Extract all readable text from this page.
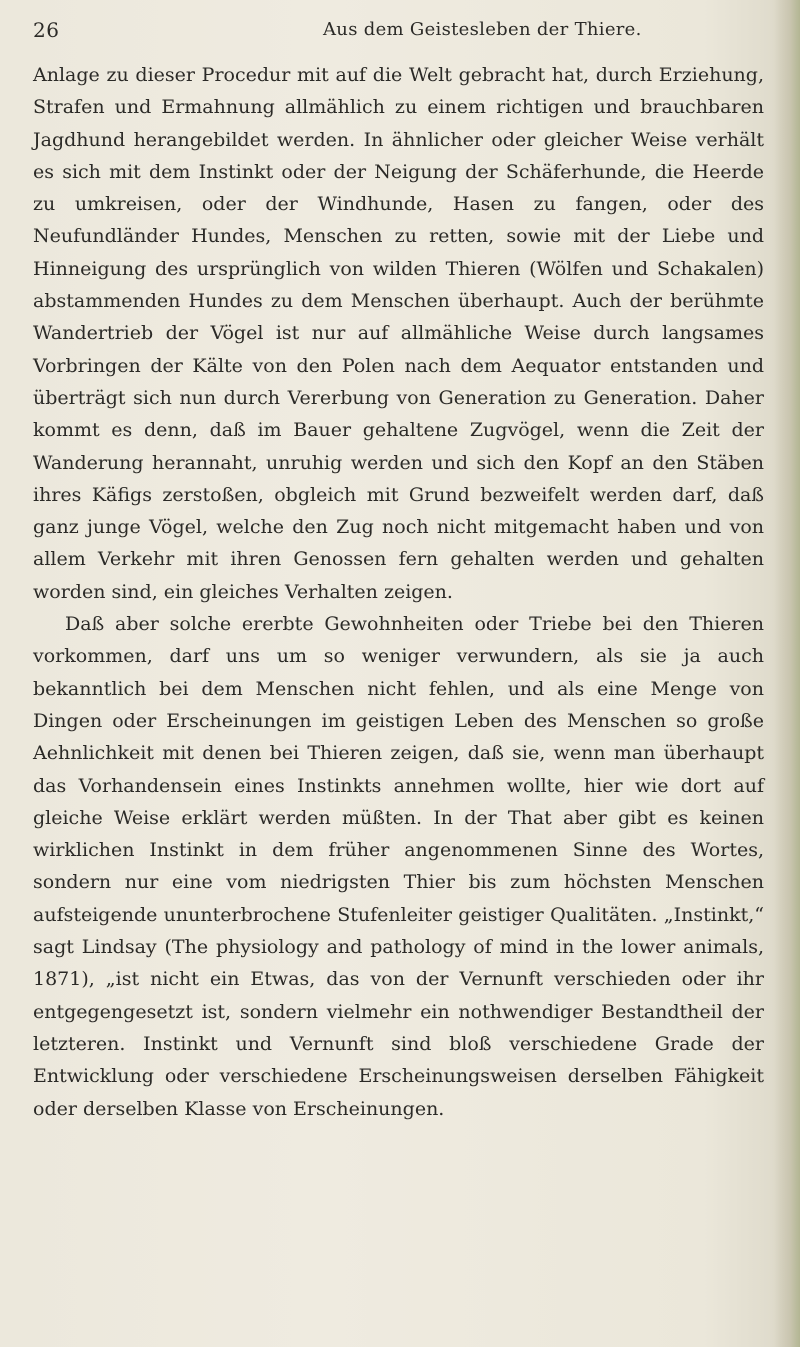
26	Aus dem Geistesleben der Thiere.

Anlage zu dieser Procedur mit auf die Welt gebracht hat, durch Erziehung, Strafen und Ermahnung allmählich zu einem richtigen und brauchbaren Jagdhund herangebildet werden. In ähnlicher oder gleicher Weise verhält es sich mit dem Instinkt oder der Neigung der Schäferhunde, die Heerde zu umkreisen, oder der Windhunde, Hasen zu fangen, oder des Neufundländer Hundes, Menschen zu retten, sowie mit der Liebe und Hinneigung des ursprünglich von wilden Thieren (Wölfen und Schakalen) abstammenden Hundes zu dem Menschen überhaupt. Auch der berühmte Wandertrieb der Vögel ist nur auf allmähliche Weise durch langsames Vorbringen der Kälte von den Polen nach dem Aequator entstanden und überträgt sich nun durch Vererbung von Generation zu Generation. Daher kommt es denn, daß im Bauer gehaltene Zugvögel, wenn die Zeit der Wanderung herannaht, unruhig werden und sich den Kopf an den Stäben ihres Käfigs zerstoßen, obgleich mit Grund bezweifelt werden darf, daß ganz junge Vögel, welche den Zug noch nicht mitgemacht haben und von allem Verkehr mit ihren Genossen fern gehalten werden und gehalten worden sind, ein gleiches Verhalten zeigen.

Daß aber solche ererbte Gewohnheiten oder Triebe bei den Thieren vorkommen, darf uns um so weniger verwundern, als sie ja auch bekanntlich bei dem Menschen nicht fehlen, und als eine Menge von Dingen oder Erscheinungen im geistigen Leben des Menschen so große Aehnlichkeit mit denen bei Thieren zeigen, daß sie, wenn man überhaupt das Vorhandensein eines Instinkts annehmen wollte, hier wie dort auf gleiche Weise erklärt werden müßten. In der That aber gibt es keinen wirklichen Instinkt in dem früher angenommenen Sinne des Wortes, sondern nur eine vom niedrigsten Thier bis zum höchsten Menschen aufsteigende ununterbrochene Stufenleiter geistiger Qualitäten. „Instinkt,“ sagt Lindsay (The physiology and pathology of mind in the lower animals, 1871), „ist nicht ein Etwas, das von der Vernunft verschieden oder ihr entgegengesetzt ist, sondern vielmehr ein nothwendiger Bestandtheil der letzteren. Instinkt und Vernunft sind bloß verschiedene Grade der Entwicklung oder verschiedene Erscheinungsweisen derselben Fähigkeit oder derselben Klasse von Erscheinungen.
